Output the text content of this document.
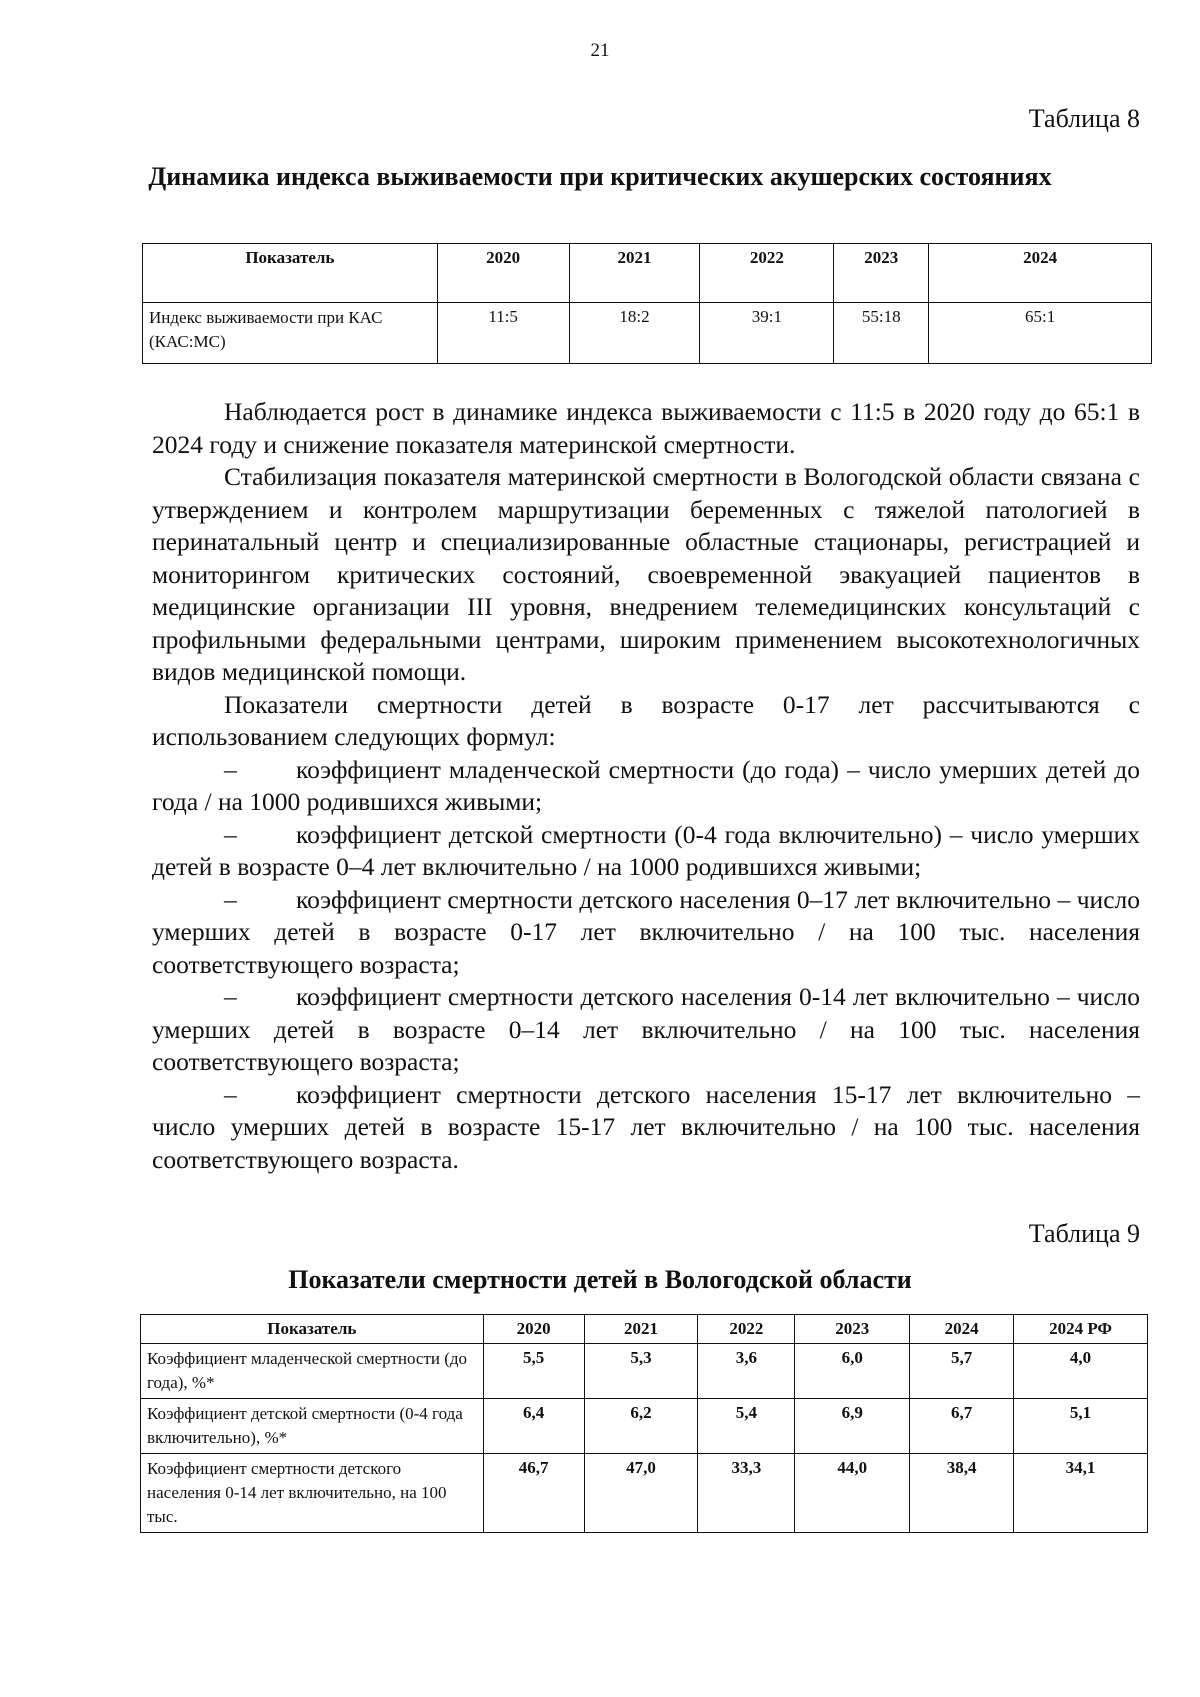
21
Таблица 8
Динамика индекса выживаемости при критических акушерских состояниях
Показатель	2020	2021	2022	2023	2024
Индекс выживаемости при КАС (КАС:МС)	11:5	18:2	39:1	55:18	65:1

Наблюдается рост в динамике индекса выживаемости с 11:5 в 2020 году до 65:1 в 2024 году и снижение показателя материнской смертности.

Стабилизация показателя материнской смертности в Вологодской области связана с утверждением и контролем маршрутизации беременных с тяжелой патологией в перинатальный центр и специализированные областные стационары, регистрацией и мониторингом критических состояний, своевременной эвакуацией пациентов в медицинские организации III уровня, внедрением телемедицинских консультаций с профильными федеральными центрами, широким применением высокотехнологичных видов медицинской помощи.

Показатели смертности детей в возрасте 0-17 лет рассчитываются с использованием следующих формул:

– коэффициент младенческой смертности (до года) – число умерших детей до года / на 1000 родившихся живыми;

– коэффициент детской смертности (0-4 года включительно) – число умерших детей в возрасте 0–4 лет включительно / на 1000 родившихся живыми;

– коэффициент смертности детского населения 0–17 лет включительно – число умерших детей в возрасте 0-17 лет включительно / на 100 тыс. населения соответствующего возраста;

– коэффициент смертности детского населения 0-14 лет включительно – число умерших детей в возрасте 0–14 лет включительно / на 100 тыс. населения соответствующего возраста;

– коэффициент смертности детского населения 15-17 лет включительно – число умерших детей в возрасте 15-17 лет включительно / на 100 тыс. населения соответствующего возраста.

Таблица 9
Показатели смертности детей в Вологодской области
Показатель	2020	2021	2022	2023	2024	2024 РФ
Коэффициент младенческой смертности (до года), %*	5,5	5,3	3,6	6,0	5,7	4,0
Коэффициент детской смертности (0-4 года включительно), %*	6,4	6,2	5,4	6,9	6,7	5,1
Коэффициент смертности детского населения 0-14 лет включительно, на 100 тыс.	46,7	47,0	33,3	44,0	38,4	34,1
